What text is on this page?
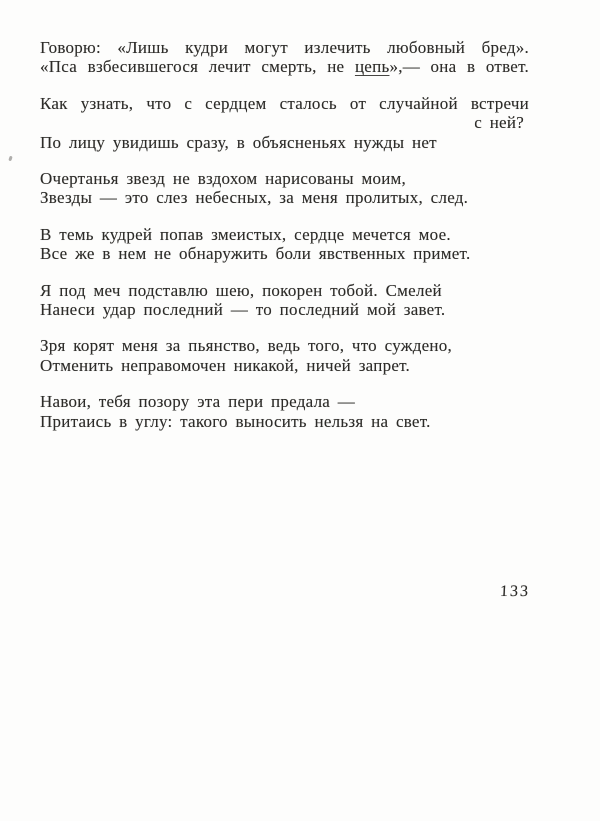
Говорю: «Лишь кудри могут излечить любовный бред».

«Пса взбесившегося лечит смерть, не цепь»,— она в ответ.

Как узнать, что с сердцем сталось от случайной встречи

с ней?

По лицу увидишь сразу, в объясненьях нужды нет

Очертанья звезд не вздохом нарисованы моим,

Звезды — это слез небесных, за меня пролитых, след.

В темь кудрей попав змеистых, сердце мечется мое.

Все же в нем не обнаружить боли явственных примет.

Я под меч подставлю шею, покорен тобой. Смелей

Нанеси удар последний — то последний мой завет.

Зря корят меня за пьянство, ведь того, что суждено,

Отменить неправомочен никакой, ничей запрет.

Навои, тебя позору эта пери предала —

Притаись в углу: такого выносить нельзя на свет.

133
